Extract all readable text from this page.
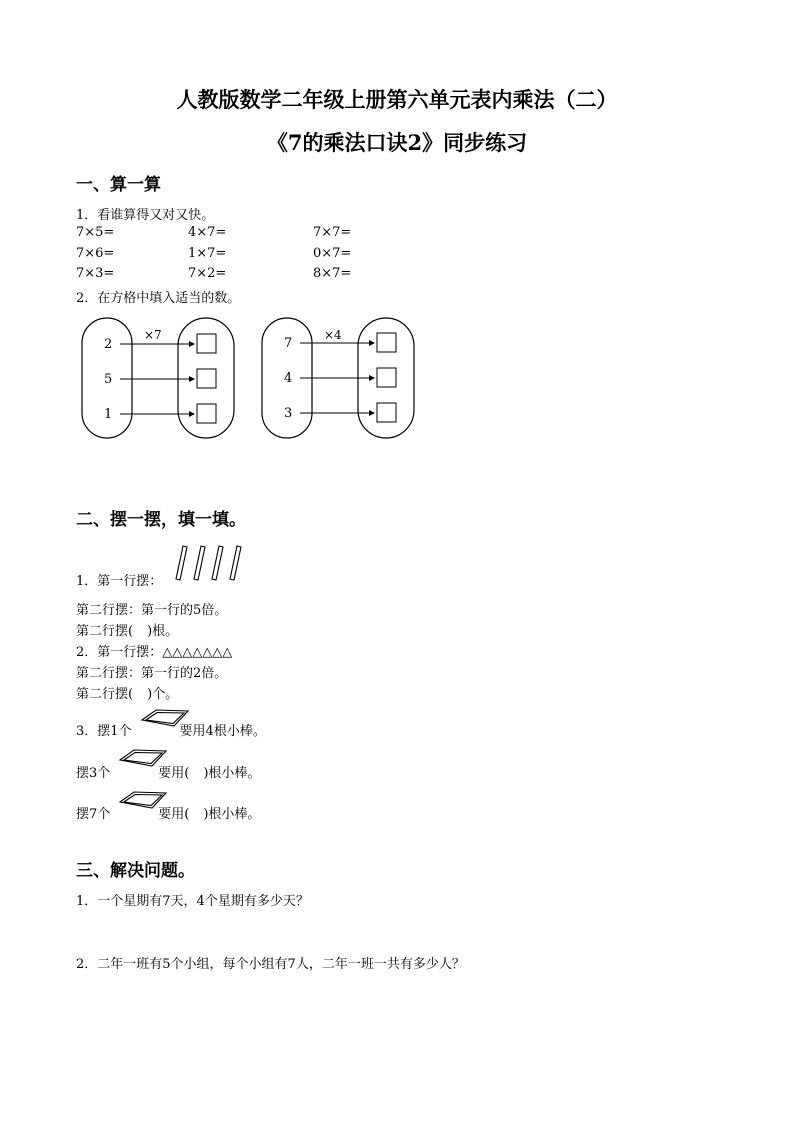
人教版数学二年级上册第六单元表内乘法（二）
《7的乘法口诀2》同步练习
一、算一算
1．看谁算得又对又快。
7×5=	4×7=	7×7=
7×6=	1×7=	0×7=
7×3=	7×2=	8×7=
2．在方格中填入适当的数。
×7
2
5
1
×4
7
4
3
二、摆一摆，填一填。
1．第一行摆：
第二行摆：第一行的5倍。
第二行摆( )根。
2．第一行摆：△△△△△△△
第二行摆：第一行的2倍。
第二行摆( )个。
3．摆1个	要用4根小棒。
摆3个	要用( )根小棒。
摆7个	要用( )根小棒。
三、解决问题。
1．一个星期有7天，4个星期有多少天？
2．二年一班有5个小组，每个小组有7人，二年一班一共有多少人？
